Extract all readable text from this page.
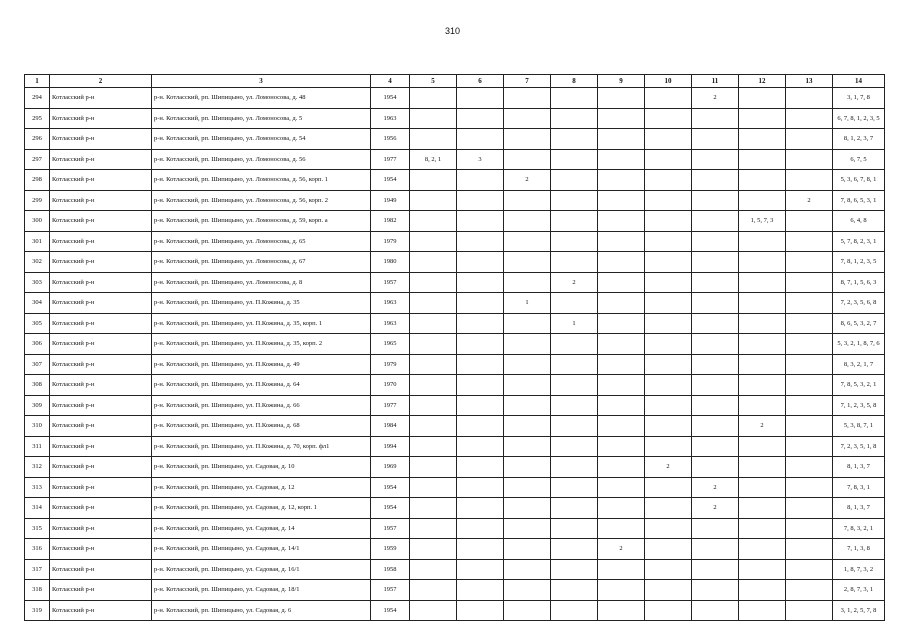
310
1	2	3	4	5	6	7	8	9	10	11	12	13	14
294	Котласский р-н	р-н. Котласский, рп. Шипицыно, ул. Ломоносова, д. 48	1954							2			3, 1, 7, 8
295	Котласский р-н	р-н. Котласский, рп. Шипицыно, ул. Ломоносова, д. 5	1963										6, 7, 8, 1, 2, 3, 5
296	Котласский р-н	р-н. Котласский, рп. Шипицыно, ул. Ломоносова, д. 54	1956										8, 1, 2, 3, 7
297	Котласский р-н	р-н. Котласский, рп. Шипицыно, ул. Ломоносова, д. 56	1977	8, 2, 1	3								6, 7, 5
298	Котласский р-н	р-н. Котласский, рп. Шипицыно, ул. Ломоносова, д. 56, корп. 1	1954			2							5, 3, 6, 7, 8, 1
299	Котласский р-н	р-н. Котласский, рп. Шипицыно, ул. Ломоносова, д. 56, корп. 2	1949									2	7, 8, 6, 5, 3, 1
300	Котласский р-н	р-н. Котласский, рп. Шипицыно, ул. Ломоносова, д. 59, корп. а	1982								1, 5, 7, 3		6, 4, 8
301	Котласский р-н	р-н. Котласский, рп. Шипицыно, ул. Ломоносова, д. 65	1979										5, 7, 8, 2, 3, 1
302	Котласский р-н	р-н. Котласский, рп. Шипицыно, ул. Ломоносова, д. 67	1980										7, 8, 1, 2, 3, 5
303	Котласский р-н	р-н. Котласский, рп. Шипицыно, ул. Ломоносова, д. 8	1957				2						8, 7, 1, 5, 6, 3
304	Котласский р-н	р-н. Котласский, рп. Шипицыно, ул. П.Кожина, д. 35	1963			1							7, 2, 3, 5, 6, 8
305	Котласский р-н	р-н. Котласский, рп. Шипицыно, ул. П.Кожина, д. 35, корп. 1	1963				1						8, 6, 5, 3, 2, 7
306	Котласский р-н	р-н. Котласский, рп. Шипицыно, ул. П.Кожина, д. 35, корп. 2	1965										5, 3, 2, 1, 8, 7, 6
307	Котласский р-н	р-н. Котласский, рп. Шипицыно, ул. П.Кожина, д. 49	1979										8, 3, 2, 1, 7
308	Котласский р-н	р-н. Котласский, рп. Шипицыно, ул. П.Кожина, д. 64	1970										7, 8, 5, 3, 2, 1
309	Котласский р-н	р-н. Котласский, рп. Шипицыно, ул. П.Кожина, д. 66	1977										7, 1, 2, 3, 5, 8
310	Котласский р-н	р-н. Котласский, рп. Шипицыно, ул. П.Кожина, д. 68	1984								2		5, 3, 8, 7, 1
311	Котласский р-н	р-н. Котласский, рп. Шипицыно, ул. П.Кожина, д. 70, корп. фл1	1994										7, 2, 3, 5, 1, 8
312	Котласский р-н	р-н. Котласский, рп. Шипицыно, ул. Садовая, д. 10	1969						2				8, 1, 3, 7
313	Котласский р-н	р-н. Котласский, рп. Шипицыно, ул. Садовая, д. 12	1954							2			7, 8, 3, 1
314	Котласский р-н	р-н. Котласский, рп. Шипицыно, ул. Садовая, д. 12, корп. 1	1954							2			8, 1, 3, 7
315	Котласский р-н	р-н. Котласский, рп. Шипицыно, ул. Садовая, д. 14	1957										7, 8, 3, 2, 1
316	Котласский р-н	р-н. Котласский, рп. Шипицыно, ул. Садовая, д. 14/1	1959					2					7, 1, 3, 8
317	Котласский р-н	р-н. Котласский, рп. Шипицыно, ул. Садовая, д. 16/1	1958										1, 8, 7, 3, 2
318	Котласский р-н	р-н. Котласский, рп. Шипицыно, ул. Садовая, д. 18/1	1957										2, 8, 7, 3, 1
319	Котласский р-н	р-н. Котласский, рп. Шипицыно, ул. Садовая, д. 6	1954										3, 1, 2, 5, 7, 8
